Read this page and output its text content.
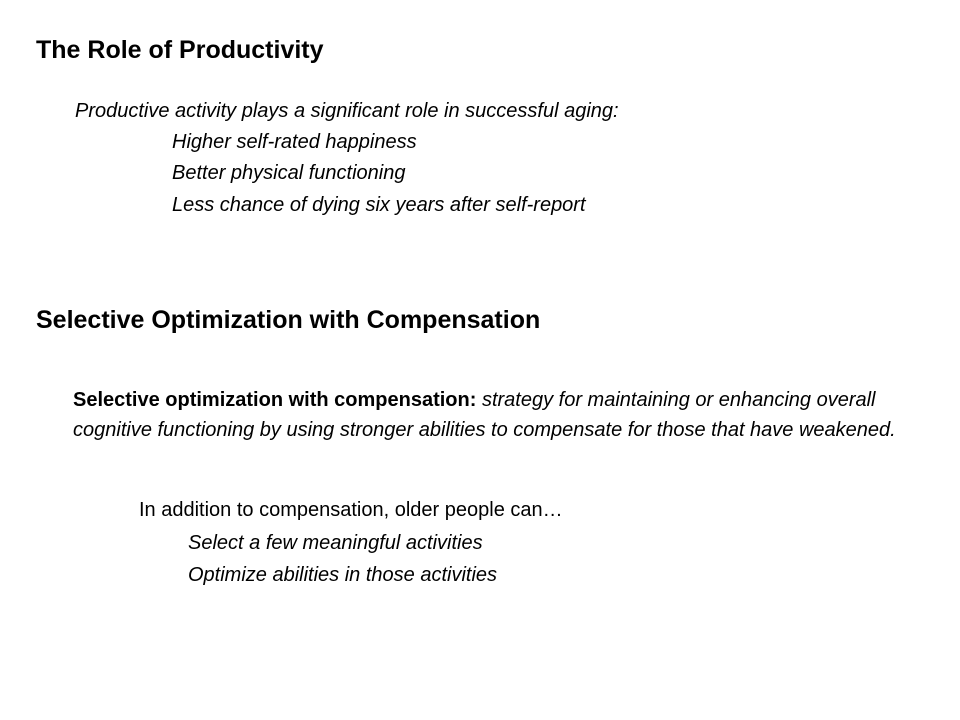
The Role of Productivity

Productive activity plays a significant role in successful aging:

Higher self-rated happiness

Better physical functioning

Less chance of dying six years after self-report

Selective Optimization with Compensation

Selective optimization with compensation: strategy for maintaining or enhancing overall cognitive functioning by using stronger abilities to compensate for those that have weakened.

In addition to compensation, older people can…

Select a few meaningful activities

Optimize abilities in those activities
